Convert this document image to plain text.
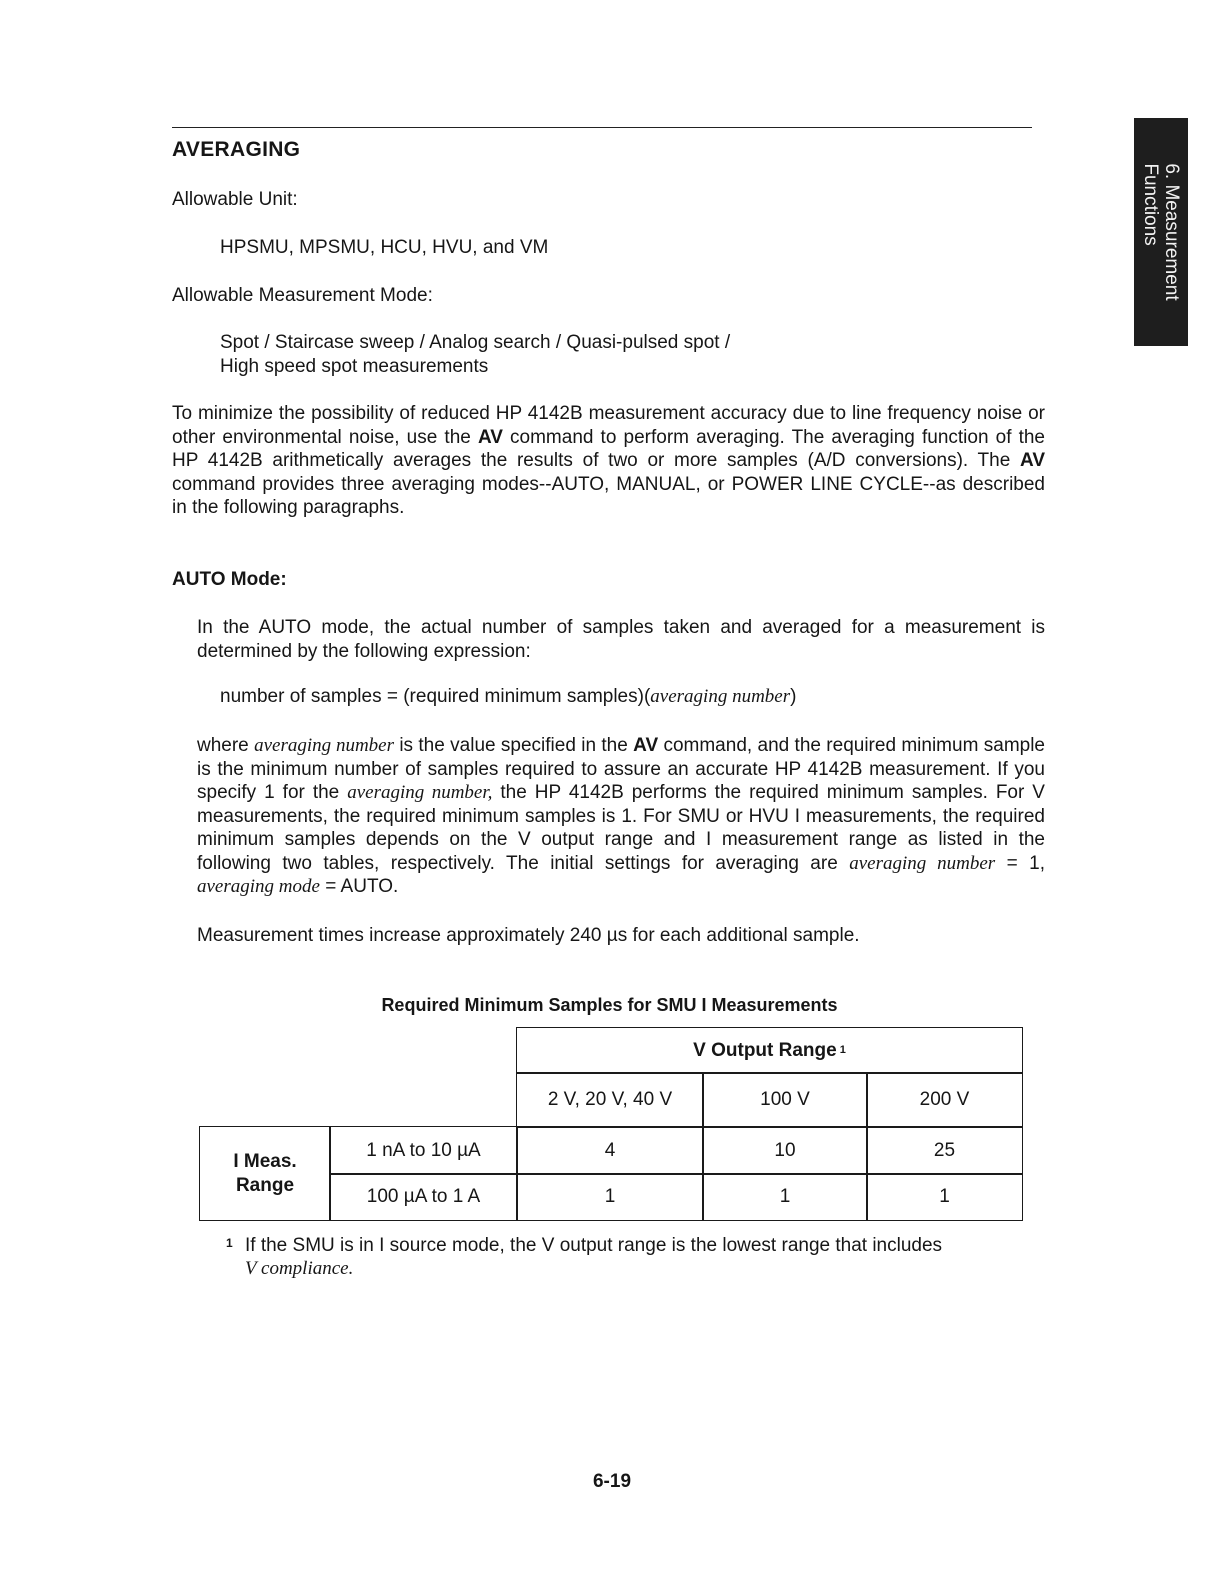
AVERAGING
6. Measurement
Functions
Allowable Unit:
HPSMU, MPSMU, HCU, HVU, and VM
Allowable Measurement Mode:
Spot / Staircase sweep / Analog search / Quasi-pulsed spot /
High speed spot measurements
To minimize the possibility of reduced HP 4142B measurement accuracy due to line frequency noise or other environmental noise, use the AV command to perform averaging. The averaging function of the HP 4142B arithmetically averages the results of two or more samples (A/D conversions). The AV command provides three averaging modes--AUTO, MANUAL, or POWER LINE CYCLE--as described in the following paragraphs.
AUTO Mode:
In the AUTO mode, the actual number of samples taken and averaged for a measurement is determined by the following expression:
number of samples = (required minimum samples)(averaging number)
where averaging number is the value specified in the AV command, and the required minimum sample is the minimum number of samples required to assure an accurate HP 4142B measurement. If you specify 1 for the averaging number, the HP 4142B performs the required minimum samples. For V measurements, the required minimum samples is 1. For SMU or HVU I measurements, the required minimum samples depends on the V output range and I measurement range as listed in the following two tables, respectively. The initial settings for averaging are averaging number = 1, averaging mode = AUTO.
Measurement times increase approximately 240 µs for each additional sample.
Required Minimum Samples for SMU I Measurements
V Output Range 1
2 V, 20 V, 40 V	100 V	200 V
I Meas.
Range
1 nA to 10 µA	4	10	25
100 µA to 1 A	1	1	1
1 If the SMU is in I source mode, the V output range is the lowest range that includes
V compliance.
6-19
